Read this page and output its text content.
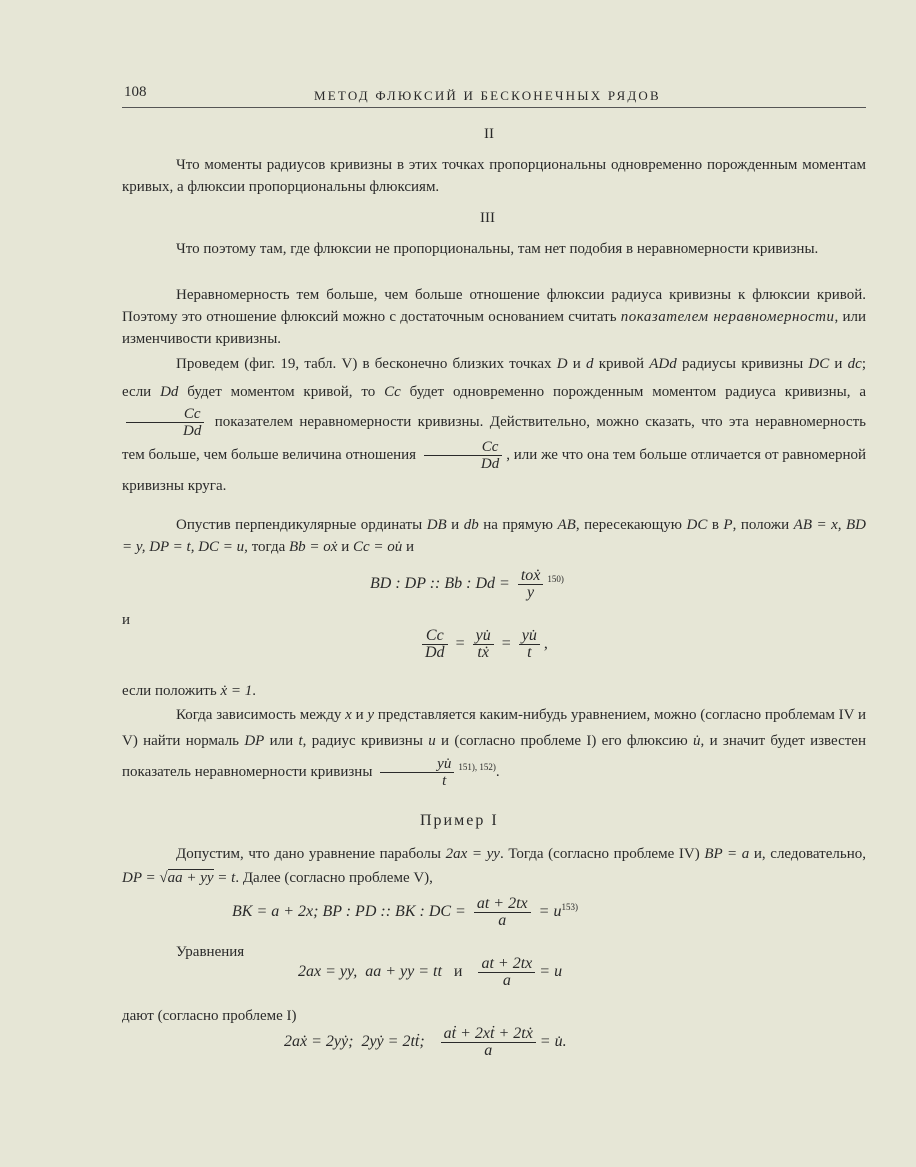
108	МЕТОД ФЛЮКСИЙ И БЕСКОНЕЧНЫХ РЯДОВ
II
Что моменты радиусов кривизны в этих точках пропорциональны одновременно порожденным моментам кривых, а флюксии пропорциональны флюксиям.
III
Что поэтому там, где флюксии не пропорциональны, там нет подобия в неравномерности кривизны.
Неравномерность тем больше, чем больше отношение флюксии радиуса кривизны к флюксии кривой. Поэтому это отношение флюксий можно с достаточным основанием считать показателем неравномерности, или изменчивости кривизны.
Проведем (фиг. 19, табл. V) в бесконечно близких точках D и d кривой ADd радиусы кривизны DC и dc; если Dd будет моментом кривой, то Cc будет одновременно порожденным моментом радиуса кривизны, а
$\frac{Cc}{Dd}$ показателем неравномерности кривизны. Действительно, можно сказать, что эта неравномерность тем больше, чем больше величина отношения $\frac{Cc}{Dd}$ , или же что она тем больше отличается от равномерной кривизны круга.
Опустив перпендикулярные ординаты DB и db на прямую AB, пересекающую DC в P, положи AB = x, BD = y, DP = t, DC = u, тогда Bb = oẋ и Cc = ou̇ и
BD : DP :: Bb : $Dd = \frac{\text{toẋ}}{y} ^{150)}$
и
$\frac{Cc}{Dd} = \frac{yu̇}{\text{tẋ}} = \frac{yu̇}{t}$ ,
если положить ẋ = 1.
Когда зависимость между x и y представляется каким-нибудь уравнением, можно (согласно проблемам IV и V) найти нормаль DP или t, радиус кривизны u и (согласно проблеме I) его флюксию u̇, и значит будет известен показатель неравномерности кривизны $\frac{yu̇}{t} ^{151), 152)}$.
Пример I
Допустим, что дано уравнение параболы 2ax = yy. Тогда (согласно проблеме IV) BP = a и, следовательно, DP = √aa + yy = t. Далее (согласно проблеме V),
BK = a + 2x; BP : PD :: BK : DC = $\frac{at + 2tx}{a} = u^{153)}$
Уравнения
2ax = yy, aa + yy = tt и $\frac{at + 2tx}{a} = u$
дают (согласно проблеме I)
2aẋ = 2yẏ; 2yẏ = 2tṫ; $\frac{\text{aṫ + 2xṫ + 2tẋ}}{a}$ = u̇.
